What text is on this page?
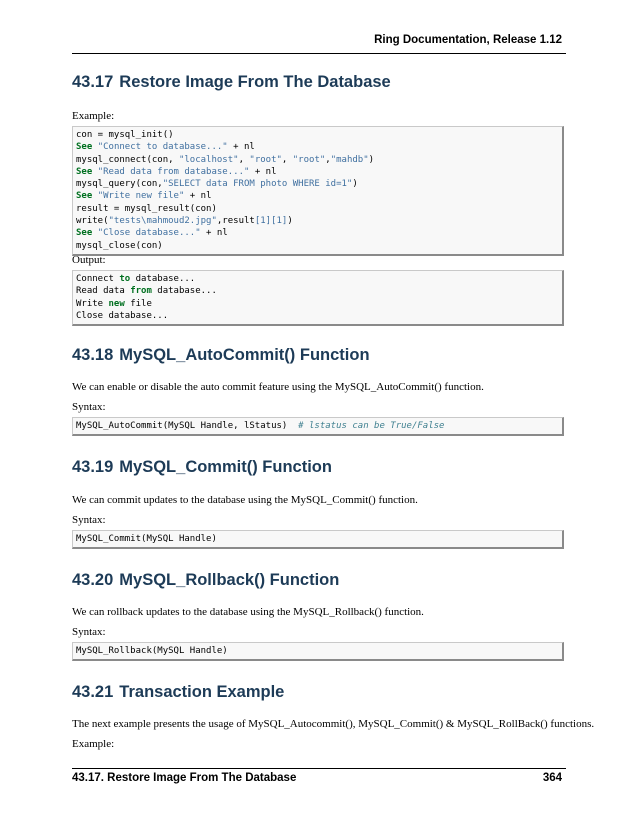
Ring Documentation, Release 1.12
43.17 Restore Image From The Database

Example:

con = mysql_init()
See "Connect to database..." + nl
mysql_connect(con, "localhost", "root", "root","mahdb")
See "Read data from database..." + nl
mysql_query(con,"SELECT data FROM photo WHERE id=1")
See "Write new file" + nl
result = mysql_result(con)
write("tests\mahmoud2.jpg",result[1][1])
See "Close database..." + nl
mysql_close(con)

Output:

Connect to database...
Read data from database...
Write new file
Close database...
43.18 MySQL_AutoCommit() Function

We can enable or disable the auto commit feature using the MySQL_AutoCommit() function.

Syntax:

MySQL_AutoCommit(MySQL Handle, lStatus)  # lstatus can be True/False
43.19 MySQL_Commit() Function

We can commit updates to the database using the MySQL_Commit() function.

Syntax:

MySQL_Commit(MySQL Handle)
43.20 MySQL_Rollback() Function

We can rollback updates to the database using the MySQL_Rollback() function.

Syntax:

MySQL_Rollback(MySQL Handle)
43.21 Transaction Example

The next example presents the usage of MySQL_Autocommit(), MySQL_Commit() & MySQL_RollBack() functions.

Example:

43.17. Restore Image From The Database	364
